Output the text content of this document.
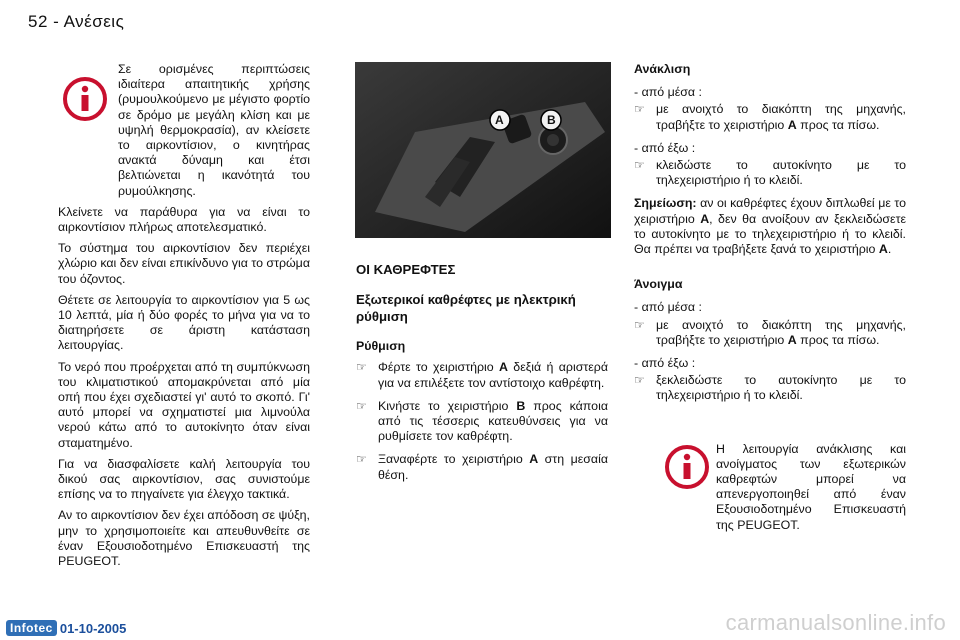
52 - Ανέσεις

Σε ορισμένες περιπτώσεις ιδιαίτερα απαιτητικής χρήσης (ρυμουλκούμενο με μέγιστο φορτίο σε δρόμο με μεγάλη κλίση και με υψηλή θερμοκρασία), αν κλείσετε το αιρκοντίσιον, ο κινητήρας ανακτά δύναμη και έτσι βελτιώνεται η ικανότητά του ρυμούλκησης.

Κλείνετε να παράθυρα για να είναι το αιρκοντίσιον πλήρως αποτελεσματικό.

Το σύστημα του αιρκοντίσιον δεν περιέχει χλώριο και δεν είναι επικίνδυνο για το στρώμα του όζοντος.

Θέτετε σε λειτουργία το αιρκοντίσιον για 5 ως 10 λεπτά, μία ή δύο φορές το μήνα για να το διατηρήσετε σε άριστη κατάσταση λειτουργίας.

Το νερό που προέρχεται από τη συμπύκνωση του κλιματιστικού απομακρύνεται από μία οπή που έχει σχεδιαστεί γι' αυτό το σκοπό. Γι' αυτό μπορεί να σχηματιστεί μια λιμνούλα νερού κάτω από το αυτοκίνητο όταν είναι σταματημένο.

Για να διασφαλίσετε καλή λειτουργία του δικού σας αιρκοντίσιον, σας συνιστούμε επίσης να το πηγαίνετε για έλεγχο τακτικά.

Αν το αιρκοντίσιον δεν έχει απόδοση σε ψύξη, μην το χρησιμοποιείτε και απευθυνθείτε σε έναν Εξουσιοδοτημένο Επισκευαστή της PEUGEOT.

A	B
ΟΙ ΚΑΘΡΕΦΤΕΣ
Εξωτερικοί καθρέφτες με ηλεκτρική ρύθμιση
Ρύθμιση
☞ Φέρτε το χειριστήριο A δεξιά ή αριστερά για να επιλέξετε τον αντίστοιχο καθρέφτη.
☞ Κινήστε το χειριστήριο B προς κάποια από τις τέσσερις κατευθύνσεις για να ρυθμίσετε τον καθρέφτη.
☞ Ξαναφέρτε το χειριστήριο A στη μεσαία θέση.
Ανάκλιση
- από μέσα :
☞ με ανοιχτό το διακόπτη της μηχανής, τραβήξτε το χειριστήριο A προς τα πίσω.
- από έξω :
☞ κλειδώστε το αυτοκίνητο με το τηλεχειριστήριο ή το κλειδί.

Σημείωση: αν οι καθρέφτες έχουν διπλωθεί με το χειριστήριο A, δεν θα ανοίξουν αν ξεκλειδώσετε το αυτοκίνητο με το τηλεχειριστήριο ή το κλειδί. Θα πρέπει να τραβήξετε ξανά το χειριστήριο A.

Άνοιγμα
- από μέσα :
☞ με ανοιχτό το διακόπτη της μηχανής, τραβήξτε το χειριστήριο A προς τα πίσω.
- από έξω :
☞ ξεκλειδώστε το αυτοκίνητο με το τηλεχειριστήριο ή το κλειδί.

Η λειτουργία ανάκλισης και ανοίγματος των εξωτερικών καθρεφτών μπορεί να απενεργοποιηθεί από έναν Εξουσιοδοτημένο Επισκευαστή της PEUGEOT.

Infotec 01-10-2005	carmanualsonline.info
